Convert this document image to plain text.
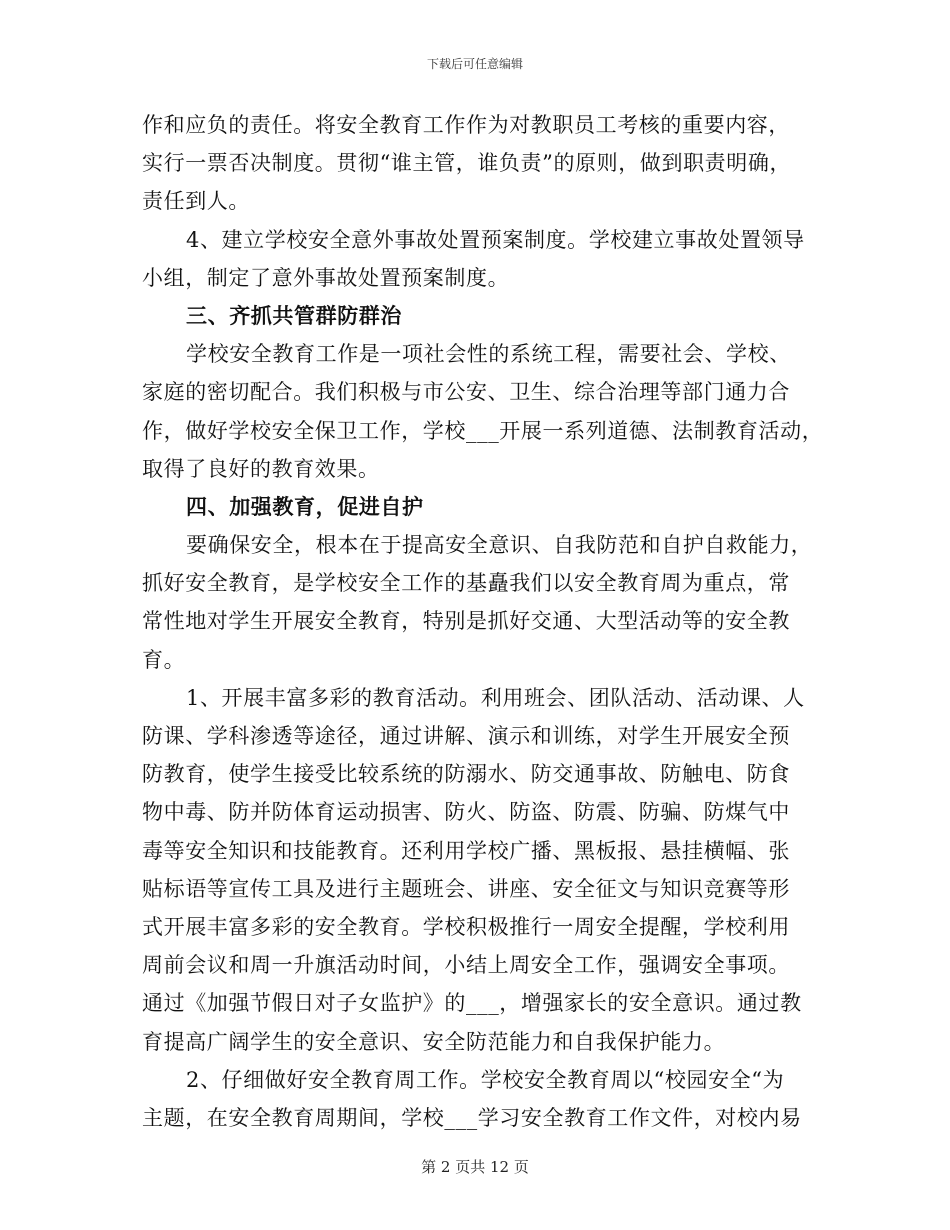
下载后可任意编辑
作和应负的责任。将安全教育工作作为对教职员工考核的重要内容，
实行一票否决制度。贯彻“谁主管，谁负责”的原则，做到职责明确，
责任到人。
4、建立学校安全意外事故处置预案制度。学校建立事故处置领导
小组，制定了意外事故处置预案制度。
三、齐抓共管群防群治
学校安全教育工作是一项社会性的系统工程，需要社会、学校、
家庭的密切配合。我们积极与市公安、卫生、综合治理等部门通力合
作，做好学校安全保卫工作，学校___开展一系列道德、法制教育活动，
取得了良好的教育效果。
四、加强教育，促进自护
要确保安全，根本在于提高安全意识、自我防范和自护自救能力，
抓好安全教育，是学校安全工作的基矗我们以安全教育周为重点，常
常性地对学生开展安全教育，特别是抓好交通、大型活动等的安全教
育。
1、开展丰富多彩的教育活动。利用班会、团队活动、活动课、人
防课、学科渗透等途径，通过讲解、演示和训练，对学生开展安全预
防教育，使学生接受比较系统的防溺水、防交通事故、防触电、防食
物中毒、防并防体育运动损害、防火、防盗、防震、防骗、防煤气中
毒等安全知识和技能教育。还利用学校广播、黑板报、悬挂横幅、张
贴标语等宣传工具及进行主题班会、讲座、安全征文与知识竞赛等形
式开展丰富多彩的安全教育。学校积极推行一周安全提醒，学校利用
周前会议和周一升旗活动时间，小结上周安全工作，强调安全事项。
通过《加强节假日对子女监护》的___，增强家长的安全意识。通过教
育提高广阔学生的安全意识、安全防范能力和自我保护能力。
2、仔细做好安全教育周工作。学校安全教育周以“校园安全“为
主题，在安全教育周期间，学校___学习安全教育工作文件，对校内易
第 2 页共 12 页
